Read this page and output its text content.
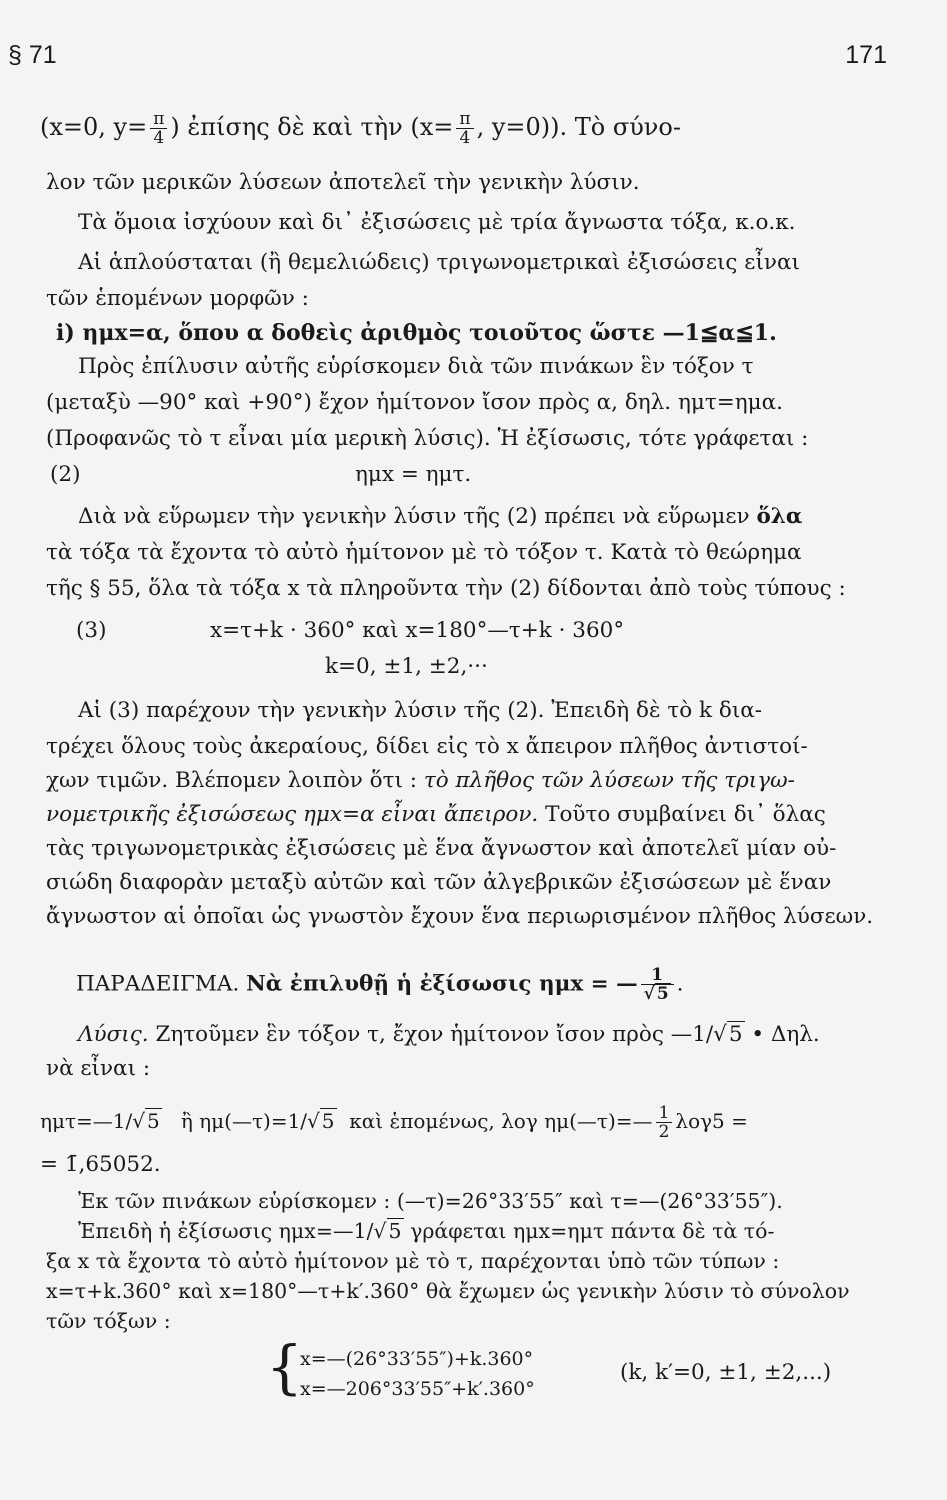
§ 71	171
(x=0, $y= \frac{\pi}{4}$ ) ἐπίσης δὲ καὶ τὴν ($x= \frac{\pi}{4}$ , y=0)). Τὸ σύνο-
λον τῶν μερικῶν λύσεων ἀποτελεῖ τὴν γενικὴν λύσιν.
Τὰ ὅμοια ἰσχύουν καὶ δι᾽ ἐξισώσεις μὲ τρία ἄγνωστα τόξα, κ.ο.κ.
Αἱ ἁπλούσταται (ἢ θεμελιώδεις) τριγωνομετρικαὶ ἐξισώσεις εἶναι
τῶν ἑπομένων μορφῶν :
i) ημx=α, ὅπου α δοθεὶς ἀριθμὸς τοιοῦτος ὥστε —1≦α≦1.
Πρὸς ἐπίλυσιν αὐτῆς εὑρίσκομεν διὰ τῶν πινάκων ἓν τόξον τ
(μεταξὺ —90° καὶ +90°) ἔχον ἡμίτονον ἴσον πρὸς α, δηλ. ημτ=ημα.
(Προφανῶς τὸ τ εἶναι μία μερικὴ λύσις). Ἡ ἐξίσωσις, τότε γράφεται :
(2)	ημx = ημτ.
Διὰ νὰ εὕρωμεν τὴν γενικὴν λύσιν τῆς (2) πρέπει νὰ εὕρωμεν ὅλα
τὰ τόξα τὰ ἔχοντα τὸ αὐτὸ ἡμίτονον μὲ τὸ τόξον τ. Κατὰ τὸ θεώρημα
τῆς § 55, ὅλα τὰ τόξα x τὰ πληροῦντα τὴν (2) δίδονται ἀπὸ τοὺς τύπους :
(3)	x=τ+k · 360° καὶ x=180°—τ+k · 360°
k=0, ±1, ±2,···
Αἱ (3) παρέχουν τὴν γενικὴν λύσιν τῆς (2). Ἐπειδὴ δὲ τὸ k δια-
τρέχει ὅλους τοὺς ἀκεραίους, δίδει εἰς τὸ x ἄπειρον πλῆθος ἀντιστοί-
χων τιμῶν. Βλέπομεν λοιπὸν ὅτι : τὸ πλῆθος τῶν λύσεων τῆς τριγω-
νομετρικῆς ἐξισώσεως ημx=α εἶναι ἄπειρον. Τοῦτο συμβαίνει δι᾽ ὅλας
τὰς τριγωνομετρικὰς ἐξισώσεις μὲ ἕνα ἄγνωστον καὶ ἀποτελεῖ μίαν οὐ-
σιώδη διαφορὰν μεταξὺ αὐτῶν καὶ τῶν ἀλγεβρικῶν ἐξισώσεων μὲ ἕναν
ἄγνωστον αἱ ὁποῖαι ὡς γνωστὸν ἔχουν ἕνα περιωρισμένον πλῆθος λύσεων.
ΠΑΡΑΔΕΙΓΜΑ. Νὰ ἐπιλυθῇ ἡ ἐξίσωσις ημx = — $\frac{1}{√ 5}$ .
Λύσις. Ζητοῦμεν ἓν τόξον τ, ἔχον ἡμίτονον ἴσον πρὸς —1/√5 • Δηλ.
νὰ εἶναι :
ημτ=—1/√ 5 ἢ ημ(—τ)=1/√ 5 καὶ ἑπομένως, λογ ημ(—τ)=— $\frac{1}{2} \lambda o\gamma 5$ =
= 1̄,65052.
Ἐκ τῶν πινάκων εὑρίσκομεν : (—τ)=26°33′55″ καὶ τ=—(26°33′55″).
Ἐπειδὴ ἡ ἐξίσωσις ημx=—1/√5 γράφεται ημx=ημτ πάντα δὲ τὰ τό-
ξα x τὰ ἔχοντα τὸ αὐτὸ ἡμίτονον μὲ τὸ τ, παρέχονται ὑπὸ τῶν τύπων :
x=τ+k.360° καὶ x=180°—τ+k′.360° θὰ ἔχωμεν ὡς γενικὴν λύσιν τὸ σύνολον
τῶν τόξων :
{
x=—(26°33′55″)+k.360°
x=—206°33′55″+k′.360°
(k, k′=0, ±1, ±2,...)
